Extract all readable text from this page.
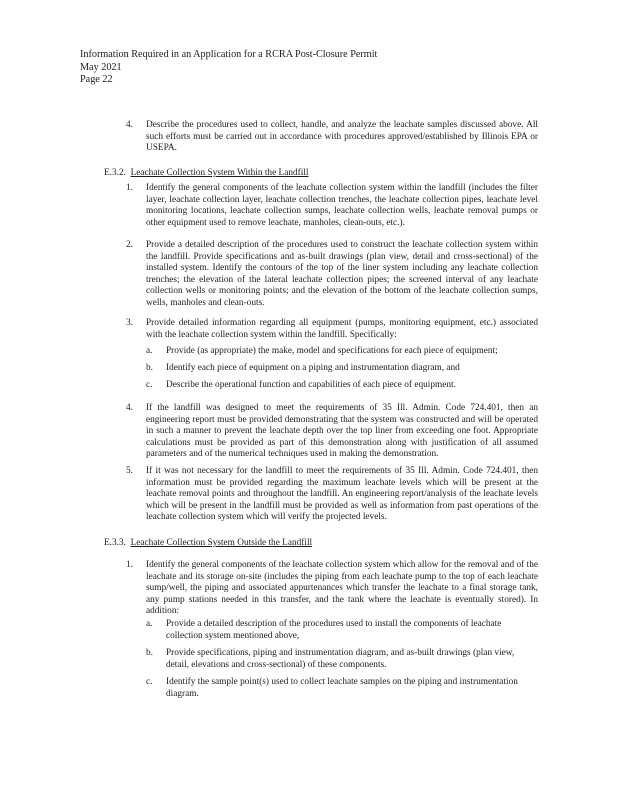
Information Required in an Application for a RCRA Post-Closure Permit
May 2021
Page 22
4. Describe the procedures used to collect, handle, and analyze the leachate samples discussed above. All such efforts must be carried out in accordance with procedures approved/established by Illinois EPA or USEPA.
E.3.2. Leachate Collection System Within the Landfill
1. Identify the general components of the leachate collection system within the landfill (includes the filter layer, leachate collection layer, leachate collection trenches, the leachate collection pipes, leachate level monitoring locations, leachate collection sumps, leachate collection wells, leachate removal pumps or other equipment used to remove leachate, manholes, clean-outs, etc.).
2. Provide a detailed description of the procedures used to construct the leachate collection system within the landfill. Provide specifications and as-built drawings (plan view, detail and cross-sectional) of the installed system. Identify the contours of the top of the liner system including any leachate collection trenches; the elevation of the lateral leachate collection pipes; the screened interval of any leachate collection wells or monitoring points; and the elevation of the bottom of the leachate collection sumps, wells, manholes and clean-outs.
3. Provide detailed information regarding all equipment (pumps, monitoring equipment, etc.) associated with the leachate collection system within the landfill. Specifically:
a. Provide (as appropriate) the make, model and specifications for each piece of equipment;
b. Identify each piece of equipment on a piping and instrumentation diagram, and
c. Describe the operational function and capabilities of each piece of equipment.
4. If the landfill was designed to meet the requirements of 35 Ill. Admin. Code 724.401, then an engineering report must be provided demonstrating that the system was constructed and will be operated in such a manner to prevent the leachate depth over the top liner from exceeding one foot. Appropriate calculations must be provided as part of this demonstration along with justification of all assumed parameters and of the numerical techniques used in making the demonstration.
5. If it was not necessary for the landfill to meet the requirements of 35 Ill. Admin. Code 724.401, then information must be provided regarding the maximum leachate levels which will be present at the leachate removal points and throughout the landfill. An engineering report/analysis of the leachate levels which will be present in the landfill must be provided as well as information from past operations of the leachate collection system which will verify the projected levels.
E.3.3. Leachate Collection System Outside the Landfill
1. Identify the general components of the leachate collection system which allow for the removal and of the leachate and its storage on-site (includes the piping from each leachate pump to the top of each leachate sump/well, the piping and associated appurtenances which transfer the leachate to a final storage tank, any pump stations needed in this transfer, and the tank where the leachate is eventually stored). In addition:
a. Provide a detailed description of the procedures used to install the components of leachate collection system mentioned above,
b. Provide specifications, piping and instrumentation diagram, and as-built drawings (plan view, detail, elevations and cross-sectional) of these components.
c. Identify the sample point(s) used to collect leachate samples on the piping and instrumentation diagram.
